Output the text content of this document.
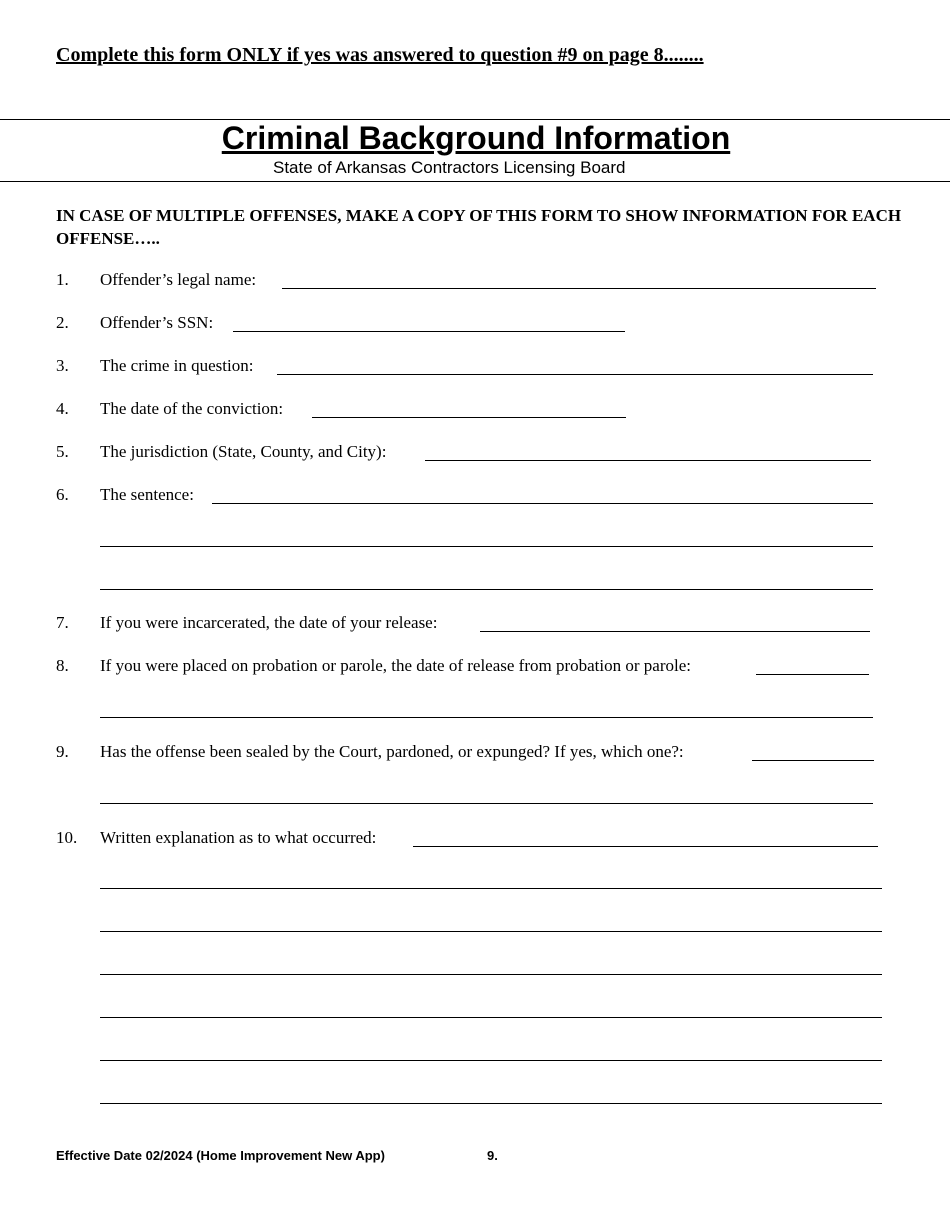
Complete this form ONLY if yes was answered to question #9 on page 8........
Criminal Background Information
State of Arkansas Contractors Licensing Board
IN CASE OF MULTIPLE OFFENSES, MAKE A COPY OF THIS FORM TO SHOW INFORMATION FOR EACH OFFENSE…..
1. Offender’s legal name:
2. Offender’s SSN:
3. The crime in question:
4. The date of the conviction:
5. The jurisdiction (State, County, and City):
6. The sentence:
7. If you were incarcerated, the date of your release:
8. If you were placed on probation or parole, the date of release from probation or parole:
9. Has the offense been sealed by the Court, pardoned, or expunged? If yes, which one?:
10. Written explanation as to what occurred:
Effective Date 02/2024 (Home Improvement New App)	9.
